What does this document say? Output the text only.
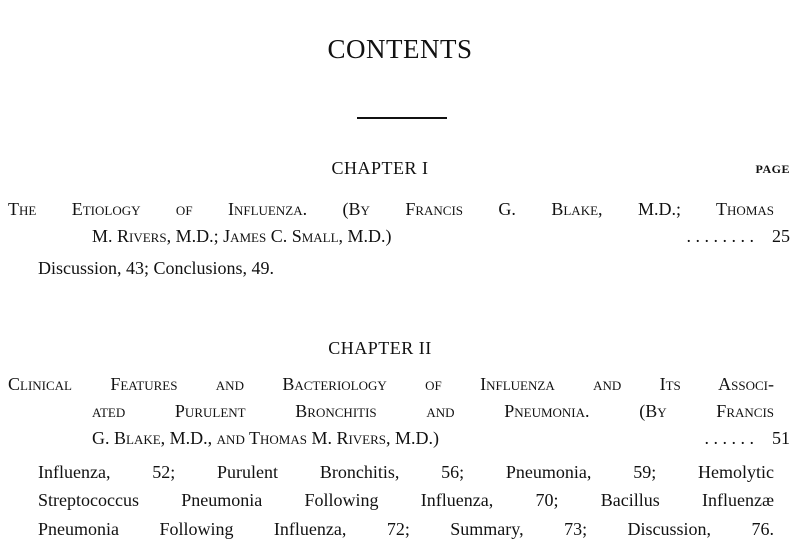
CONTENTS
CHAPTER I	PAGE
The Etiology of Influenza. (By Francis G. Blake, M.D.; Thomas
M. Rivers, M.D.; James C. Small, M.D.)	. . . . . . . .	25
Discussion, 43; Conclusions, 49.
CHAPTER II
Clinical Features and Bacteriology of Influenza and Its Associ-
ated Purulent Bronchitis and Pneumonia. (By Francis
G. Blake, M.D., and Thomas M. Rivers, M.D.)	. . . . . .	51
Influenza, 52; Purulent Bronchitis, 56; Pneumonia, 59; Hemolytic
Streptococcus Pneumonia Following Influenza, 70; Bacillus Influenzæ
Pneumonia Following Influenza, 72; Summary, 73; Discussion, 76.
